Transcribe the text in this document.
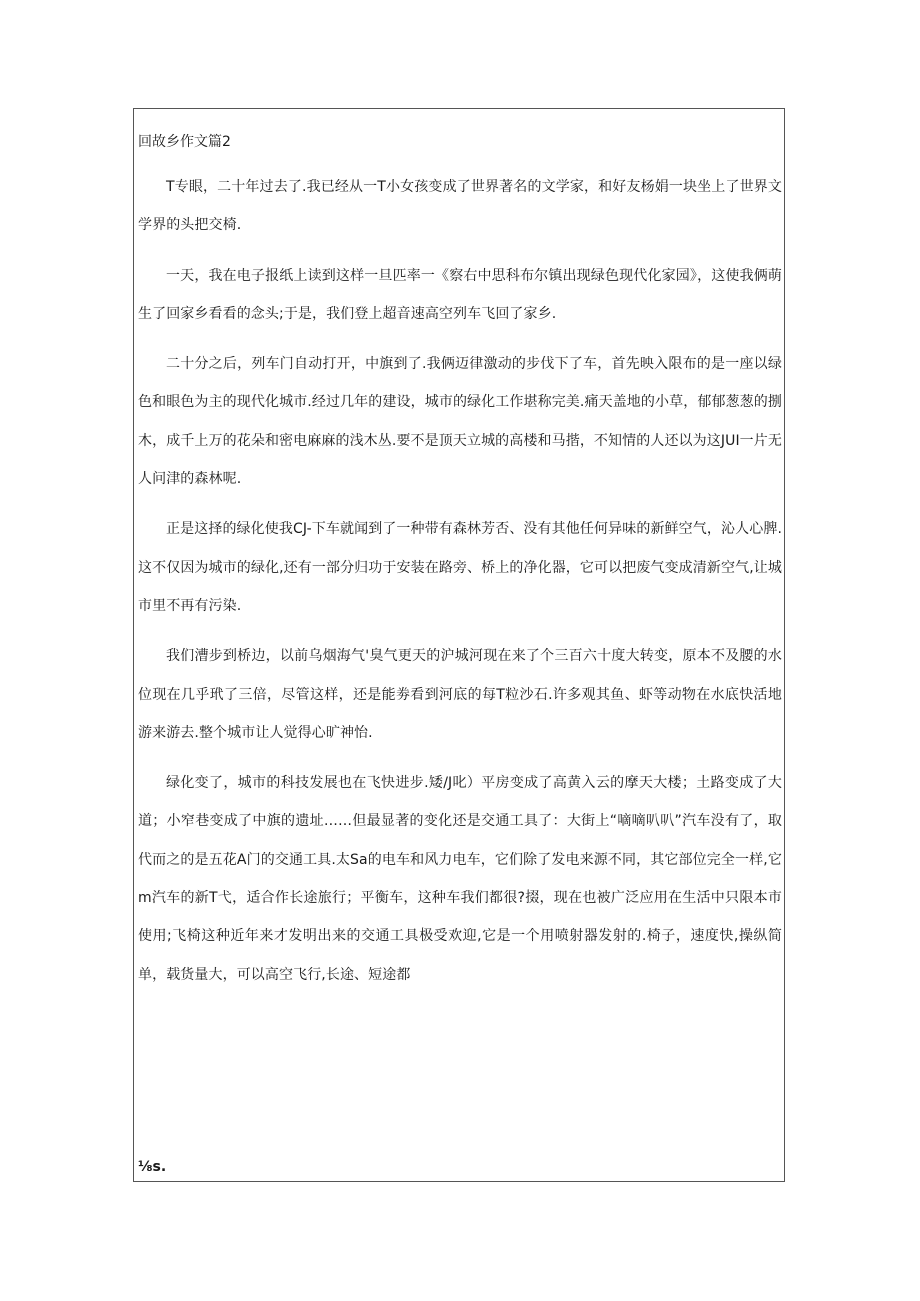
回故乡作文篇2

T专眼，二十年过去了.我已经从一T小女孩变成了世界著名的文学家，和好友杨娟一块坐上了世界文学界的头把交椅.

一天，我在电子报纸上读到这样一旦匹率一《察右中思科布尔镇出现绿色现代化家园》，这使我俩萌生了回家乡看看的念头;于是，我们登上超音速高空列车飞回了家乡.

二十分之后，列车门自动打开，中旗到了.我俩迈律激动的步伐下了车，首先映入限布的是一座以绿色和眼色为主的现代化城市.经过几年的建设，城市的绿化工作堪称完美.痛天盖地的小草，郁郁葱葱的捌木，成千上万的花朵和密电麻麻的浅木丛.要不是顶天立城的高楼和马揩，不知情的人还以为这JUI一片无人问津的森林呢.

正是这择的绿化使我CJ-下车就闻到了一种带有森林芳否、没有其他任何异味的新鲜空气，沁人心脾.这不仅因为城市的绿化,还有一部分归功于安装在路旁、桥上的净化器，它可以把废气变成清新空气,让城市里不再有污染.

我们漕步到桥边，以前乌烟海气'臭气更天的沪城河现在来了个三百六十度大转变，原本不及腰的水位现在几乎玳了三倍，尽管这样，还是能劵看到河底的每T粒沙石.许多观其鱼、虾等动物在水底快活地游来游去.整个城市让人觉得心旷神怡.

绿化变了，城市的科技发展也在飞快进步.矮/J叱）平房变成了高黄入云的摩天大楼；土路变成了大道；小窄巷变成了中旗的遗址……但最显著的变化还是交通工具了：大街上“嘀嘀叭叭”汽车没有了，取代而之的是五花A门的交通工具.太Sa的电车和风力电车，它们除了发电来源不同，其它部位完全一样,它m汽车的新T弋，适合作长途旅行；平衡车，这种车我们都很?掇，现在也被广泛应用在生活中只限本市使用;飞椅这种近年来才发明出来的交通工具极受欢迎,它是一个用喷射器发射的.椅子，速度快,操纵简单，载货量大，可以高空飞行,长途、短途都

⅛s.
